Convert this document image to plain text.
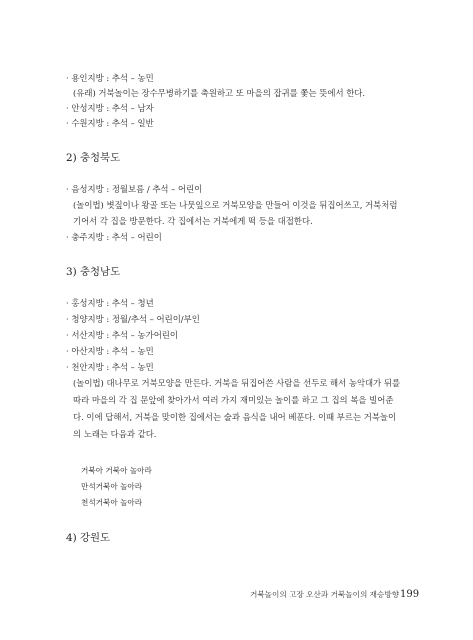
· 용인지방 : 추석 – 농민
(유래) 거북놀이는 장수무병하기를 축원하고 또 마을의 잡귀를 쫓는 뜻에서 한다.
· 안성지방 : 추석 – 남자
· 수원지방 : 추석 – 일반
2) 충청북도
· 음성지방 : 정월보름 / 추석 – 어린이
(놀이법) 볏짚이나 왕골 또는 나뭇잎으로 거북모양을 만들어 이것을 뒤집어쓰고, 거북처럼
기어서 각 집을 방문한다. 각 집에서는 거북에게 떡 등을 대접한다.
· 충주지방 : 추석 – 어린이
3) 충청남도
· 홍성지방 : 추석 – 청년
· 청양지방 : 정월/추석 – 어린이/부인
· 서산지방 : 추석 – 농가어린이
· 아산지방 : 추석 – 농민
· 천안지방 : 추석 – 농민
(놀이법) 대나무로 거북모양을 만든다. 거북을 뒤집어쓴 사람을 선두로 해서 농악대가 뒤를
따라 마을의 각 집 문앞에 찾아가서 여러 가지 재미있는 놀이를 하고 그 집의 복을 빌어준
다. 이에 답해서, 거북을 맞이한 집에서는 술과 음식을 내어 베푼다. 이때 부르는 거북놀이
의 노래는 다음과 같다.
거북아 거북아 놀아라
만석거북아 놀아라
천석거북아 놀아라
4) 강원도
거북놀이의 고장 오산과 거북놀이의 재승방향 199
